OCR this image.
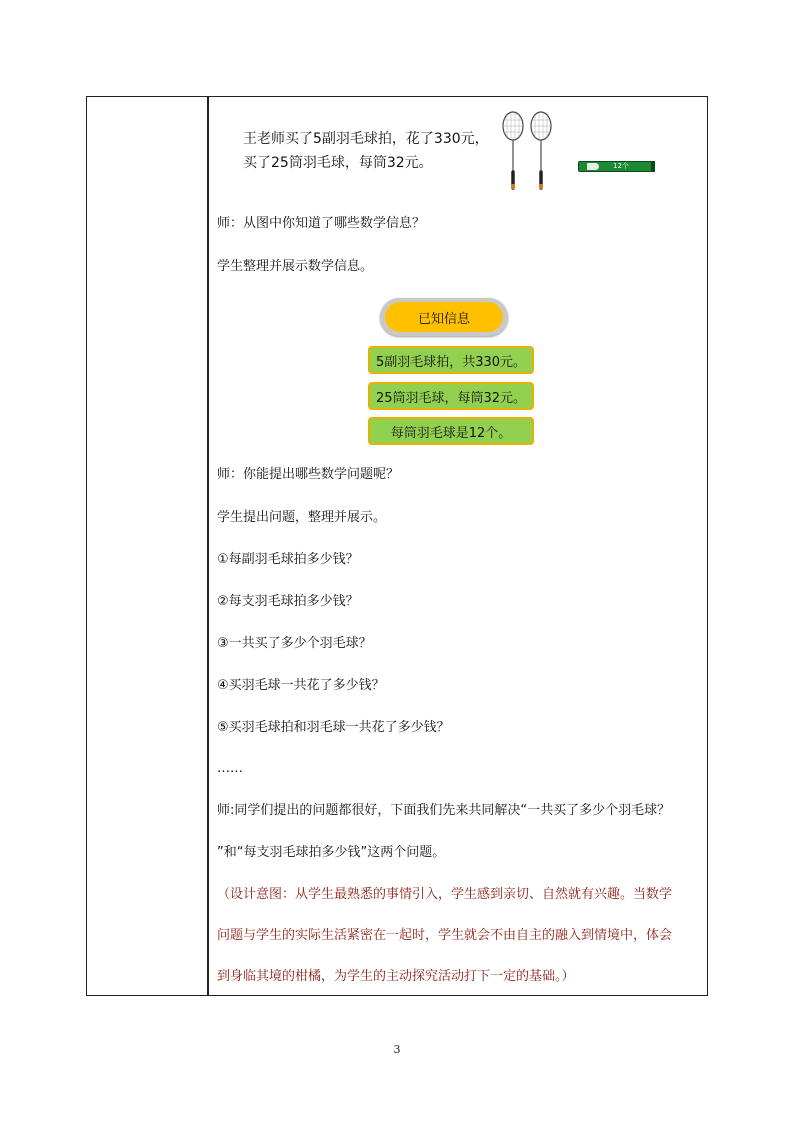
王老师买了5副羽毛球拍，花了330元，
买了25筒羽毛球，每筒32元。	12个
师：从图中你知道了哪些数学信息？
学生整理并展示数学信息。
已知信息
5副羽毛球拍，共330元。
25筒羽毛球，每筒32元。
每筒羽毛球是12个。
师：你能提出哪些数学问题呢？
学生提出问题，整理并展示。
①每副羽毛球拍多少钱？
②每支羽毛球拍多少钱？
③一共买了多少个羽毛球？
④买羽毛球一共花了多少钱？
⑤买羽毛球拍和羽毛球一共花了多少钱？
……
师:同学们提出的问题都很好，下面我们先来共同解决“一共买了多少个羽毛球？
”和“每支羽毛球拍多少钱”这两个问题。
（设计意图：从学生最熟悉的事情引入，学生感到亲切、自然就有兴趣。当数学
问题与学生的实际生活紧密在一起时，学生就会不由自主的融入到情境中，体会
到身临其境的柑橘，为学生的主动探究活动打下一定的基础。）
3
